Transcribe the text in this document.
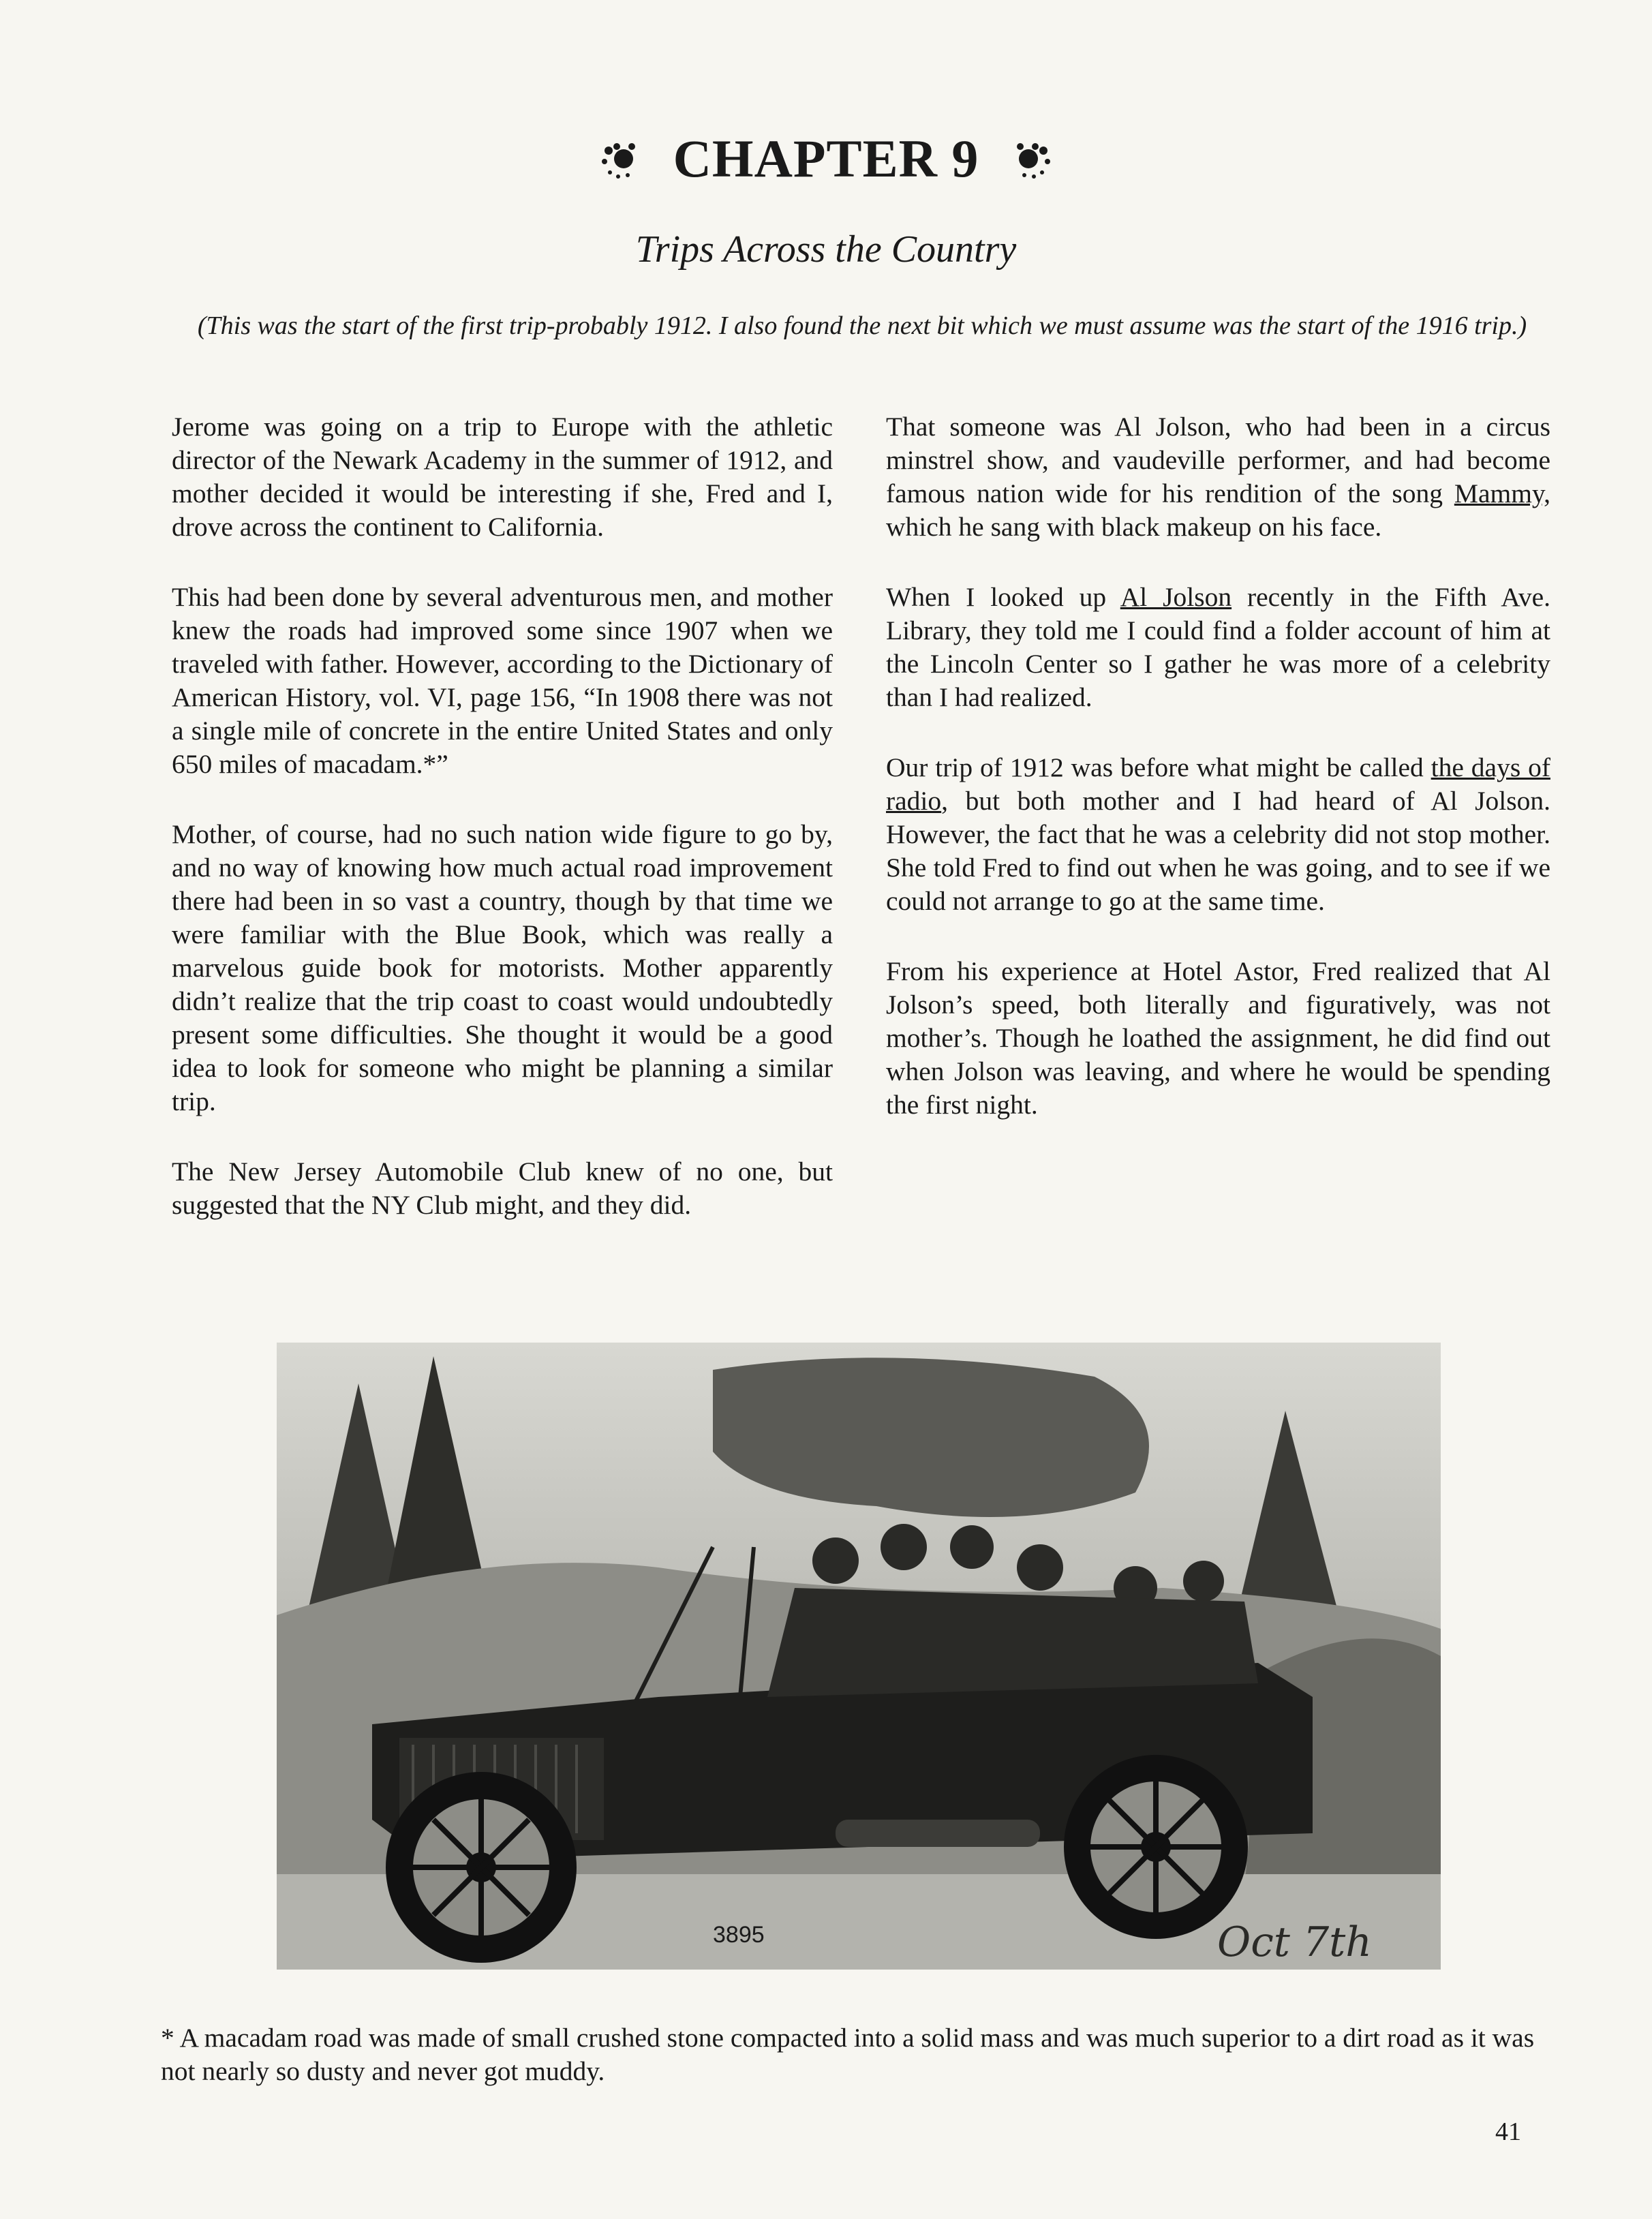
CHAPTER 9
Trips Across the Country
(This was the start of the first trip-probably 1912. I also found the next bit which we must assume was the start of the 1916 trip.)

Jerome was going on a trip to Europe with the athletic director of the Newark Academy in the summer of 1912, and mother decided it would be interesting if she, Fred and I, drove across the continent to California.

This had been done by several adventurous men, and mother knew the roads had improved some since 1907 when we traveled with father. However, according to the Dictionary of American History, vol. VI, page 156, “In 1908 there was not a single mile of concrete in the entire United States and only 650 miles of macadam.*”

Mother, of course, had no such nation wide figure to go by, and no way of knowing how much actual road improvement there had been in so vast a country, though by that time we were familiar with the Blue Book, which was really a marvelous guide book for motorists. Mother apparently didn’t realize that the trip coast to coast would undoubtedly present some difficulties. She thought it would be a good idea to look for someone who might be planning a similar trip.

The New Jersey Automobile Club knew of no one, but suggested that the NY Club might, and they did.

That someone was Al Jolson, who had been in a circus minstrel show, and vaudeville performer, and had become famous nation wide for his rendition of the song Mammy, which he sang with black makeup on his face.

When I looked up Al Jolson recently in the Fifth Ave. Library, they told me I could find a folder account of him at the Lincoln Center so I gather he was more of a celebrity than I had realized.

Our trip of 1912 was before what might be called the days of radio, but both mother and I had heard of Al Jolson. However, the fact that he was a celebrity did not stop mother. She told Fred to find out when he was going, and to see if we could not arrange to go at the same time.

From his experience at Hotel Astor, Fred realized that Al Jolson’s speed, both literally and figuratively, was not mother’s. Though he loathed the assignment, he did find out when Jolson was leaving, and where he would be spending the first night.

3895	Oct 7th
* A macadam road was made of small crushed stone compacted into a solid mass and was much superior to a dirt road as it was not nearly so dusty and never got muddy.
41
